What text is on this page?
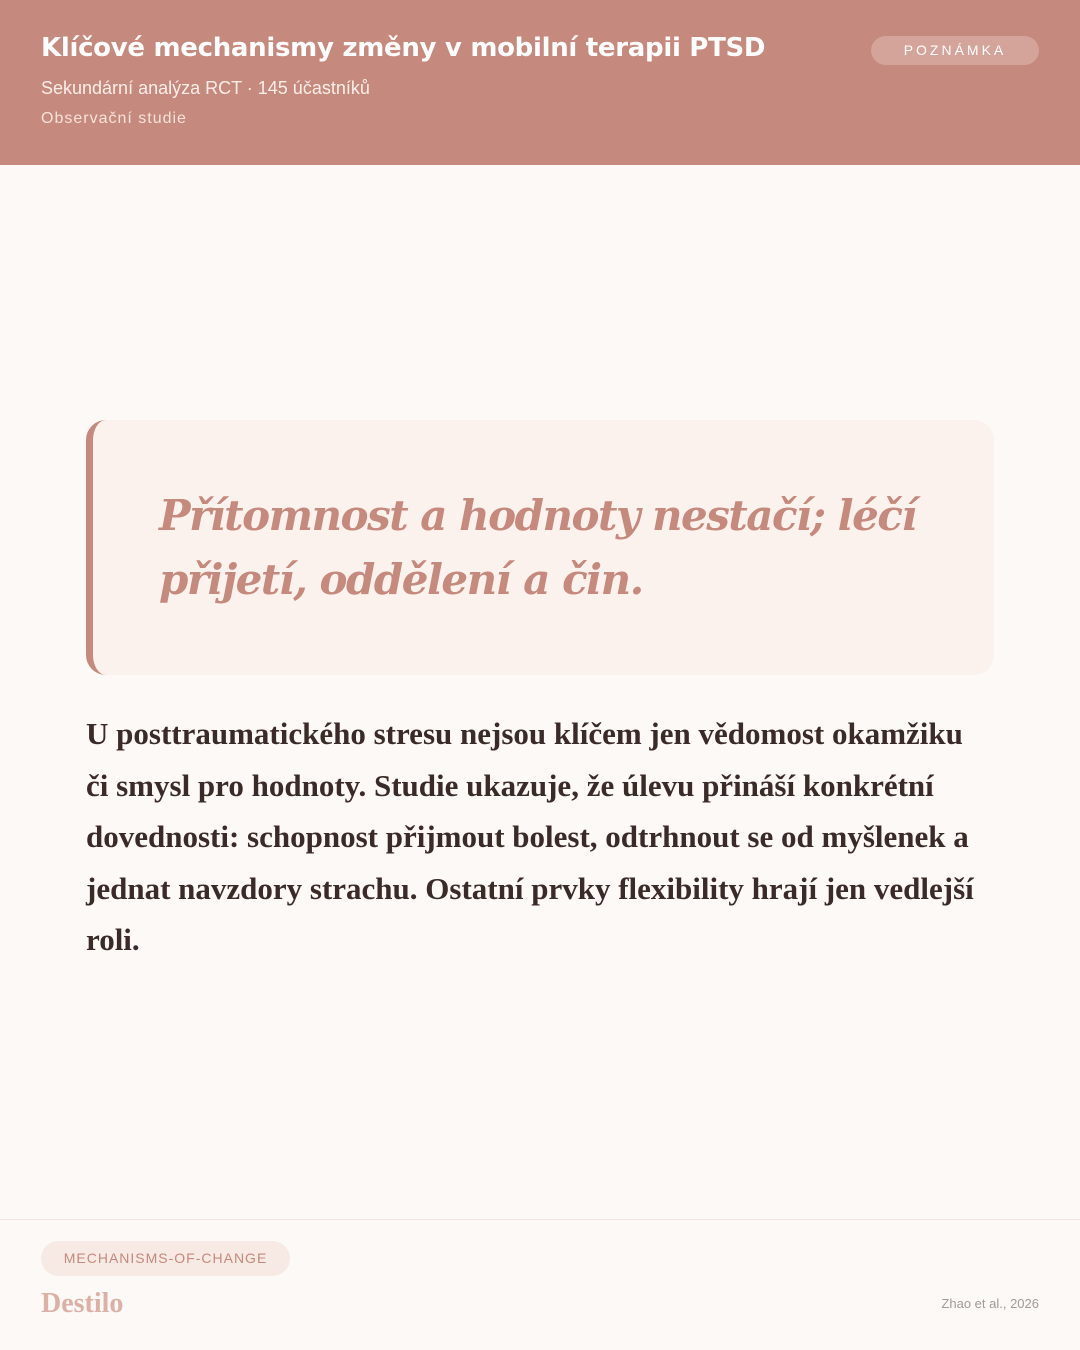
Klíčové mechanismy změny v mobilní terapii PTSD
Sekundární analýza RCT · 145 účastníků
Observační studie
POZNÁMKA

Přítomnost a hodnoty nestačí; léčí přijetí, oddělení a čin.

U posttraumatického stresu nejsou klíčem jen vědomost okamžiku či smysl pro hodnoty. Studie ukazuje, že úlevu přináší konkrétní dovednosti: schopnost přijmout bolest, odtrhnout se od myšlenek a jednat navzdory strachu. Ostatní prvky flexibility hrají jen vedlejší roli.

MECHANISMS-OF-CHANGE
Destilo	Zhao et al., 2026
